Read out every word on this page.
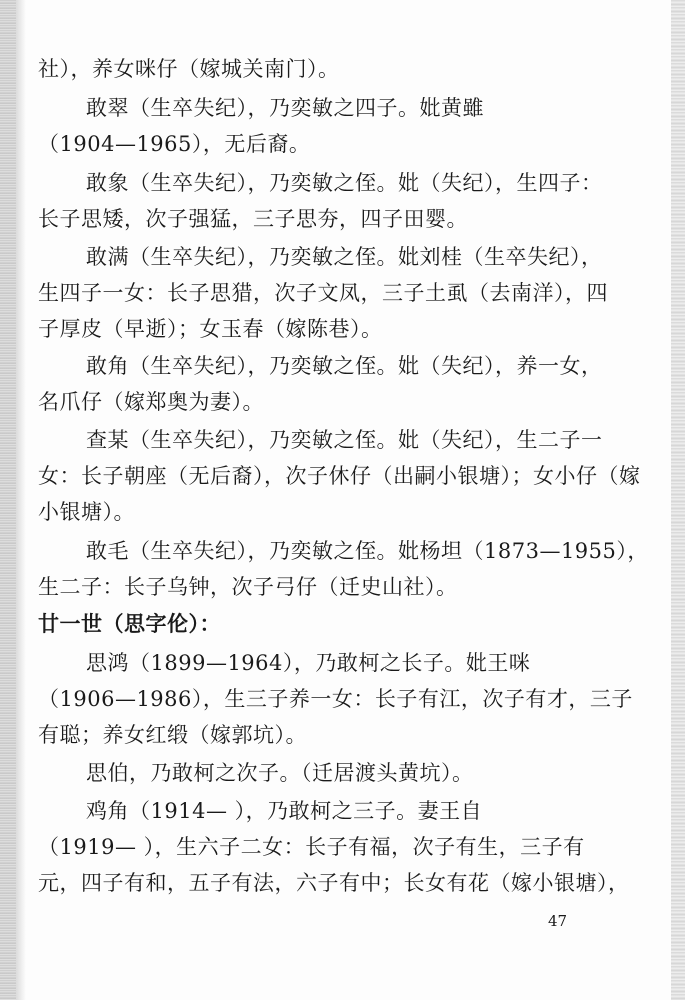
社），养女咪仔（嫁城关南门）。
敢翠（生卒失纪），乃奕敏之四子。妣黄雖
（1904—1965），无后裔。
敢象（生卒失纪），乃奕敏之侄。妣（失纪），生四子：
长子思矮，次子强猛，三子思夯，四子田婴。
敢满（生卒失纪），乃奕敏之侄。妣刘桂（生卒失纪），
生四子一女：长子思猎，次子文凤，三子土虱（去南洋），四
子厚皮（早逝）；女玉春（嫁陈巷）。
敢角（生卒失纪），乃奕敏之侄。妣（失纪），养一女，
名爪仔（嫁郑奥为妻）。
查某（生卒失纪），乃奕敏之侄。妣（失纪），生二子一
女：长子朝座（无后裔），次子休仔（出嗣小银塘）；女小仔（嫁
小银塘）。
敢毛（生卒失纪），乃奕敏之侄。妣杨坦（1873—1955），
生二子：长子乌钟，次子弓仔（迁史山社）。
廿一世（思字伦）：
思鸿（1899—1964），乃敢柯之长子。妣王咪
（1906—1986），生三子养一女：长子有江，次子有才，三子
有聪；养女红缎（嫁郭坑）。
思伯，乃敢柯之次子。（迁居渡头黄坑）。
鸡角（1914— ），乃敢柯之三子。妻王自
（1919— ），生六子二女：长子有福，次子有生，三子有
元，四子有和，五子有法，六子有中；长女有花（嫁小银塘），
47
